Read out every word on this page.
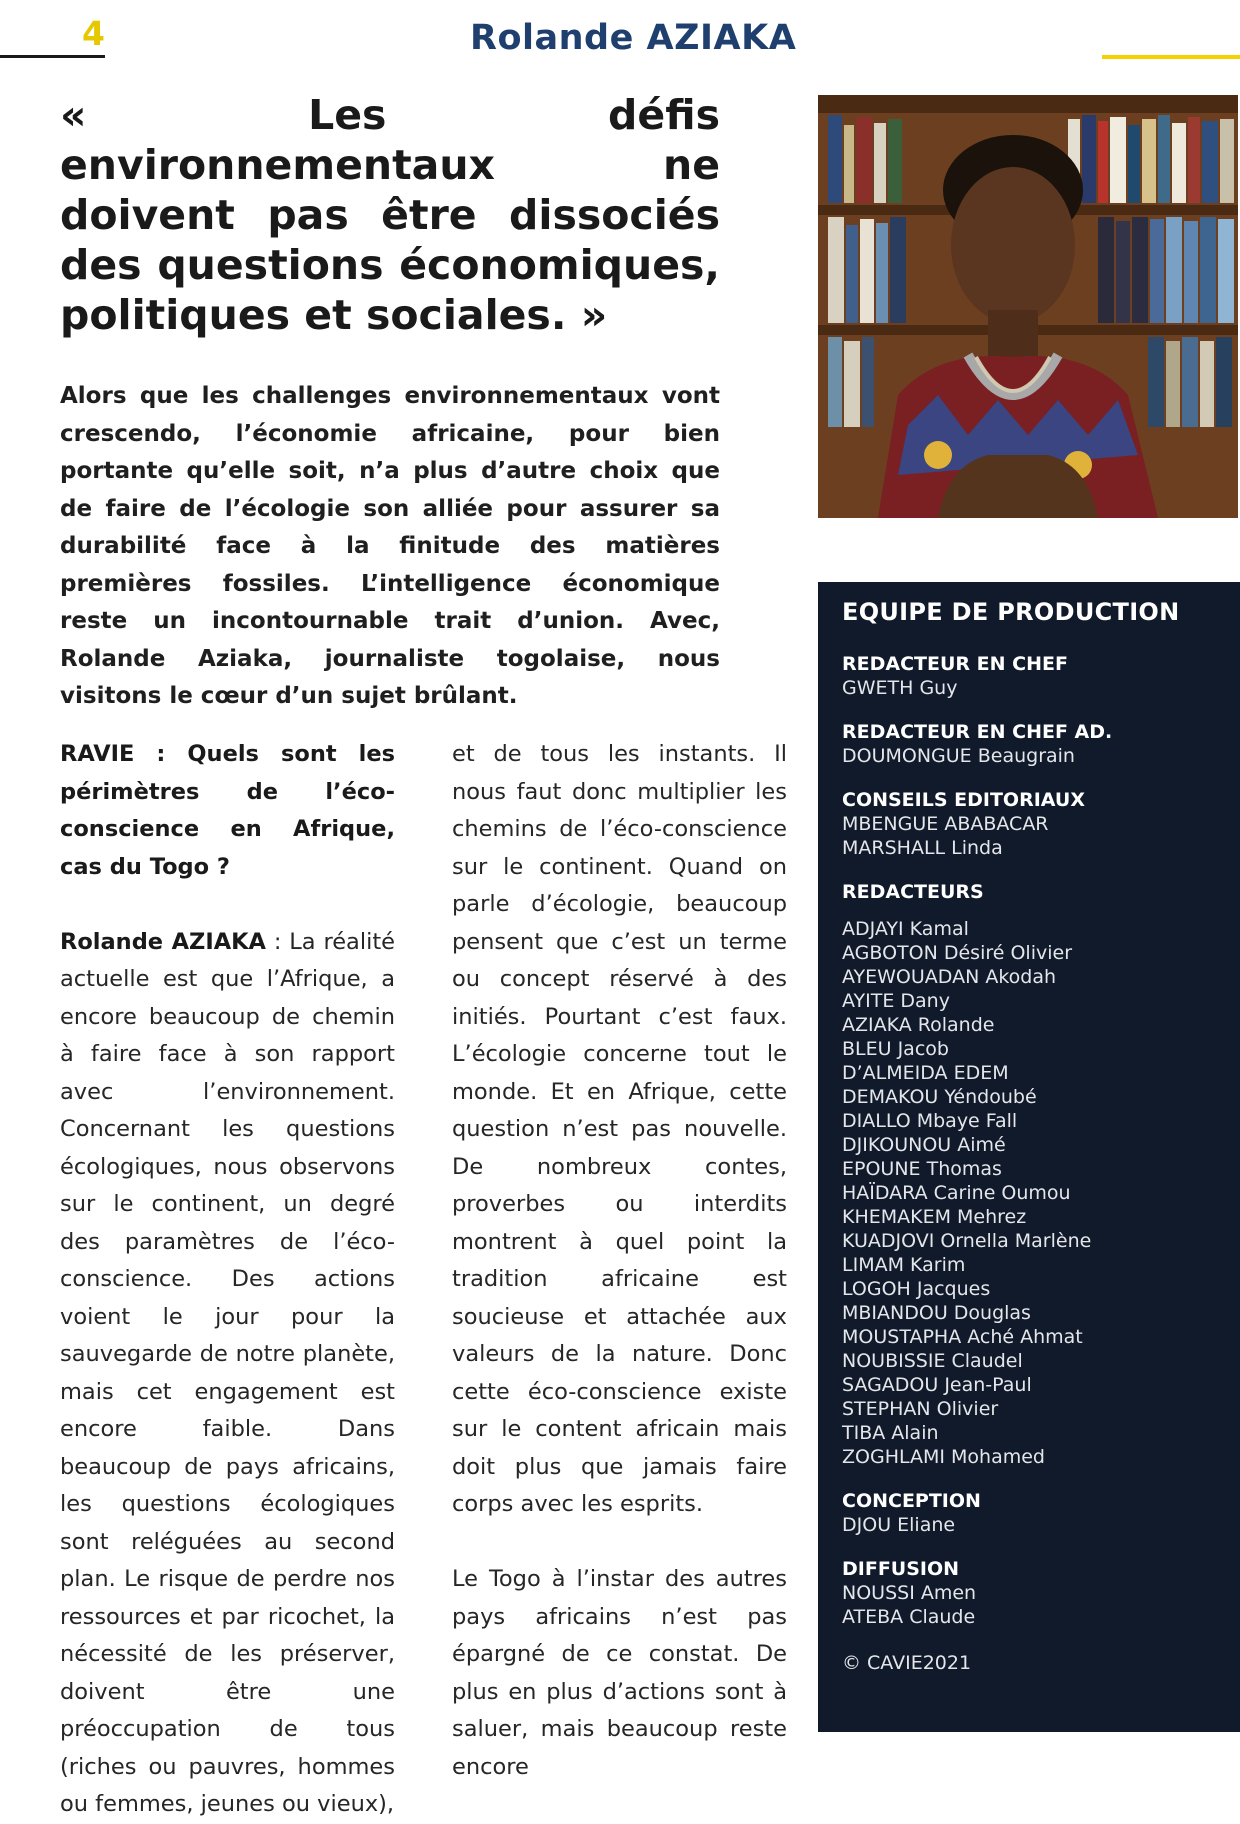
4	Rolande AZIAKA
« Les défis environnementaux ne doivent pas être dissociés des questions économiques, politiques et sociales. »
Alors que les challenges environnementaux vont crescendo, l’économie africaine, pour bien portante qu’elle soit, n’a plus d’autre choix que de faire de l’écologie son alliée pour assurer sa durabilité face à la finitude des matières premières fossiles. L’intelligence économique reste un incontournable trait d’union. Avec, Rolande Aziaka, journaliste togolaise, nous visitons le cœur d’un sujet brûlant.

RAVIE : Quels sont les périmètres de l’éco-conscience en Afrique, cas du Togo ?

Rolande AZIAKA : La réalité actuelle est que l’Afrique, a encore beaucoup de chemin à faire face à son rapport avec l’environnement. Concernant les questions écologiques, nous observons sur le continent, un degré des paramètres de l’éco-conscience. Des actions voient le jour pour la sauvegarde de notre planète, mais cet engagement est encore faible. Dans beaucoup de pays africains, les questions écologiques sont reléguées au second plan. Le risque de perdre nos ressources et par ricochet, la nécessité de les préserver, doivent être une préoccupation de tous (riches ou pauvres, hommes ou femmes, jeunes ou vieux),

et de tous les instants. Il nous faut donc multiplier les chemins de l’éco-conscience sur le continent. Quand on parle d’écologie, beaucoup pensent que c’est un terme ou concept réservé à des initiés. Pourtant c’est faux. L’écologie concerne tout le monde. Et en Afrique, cette question n’est pas nouvelle. De nombreux contes, proverbes ou interdits montrent à quel point la tradition africaine est soucieuse et attachée aux valeurs de la nature. Donc cette éco-conscience existe sur le content africain mais doit plus que jamais faire corps avec les esprits.

Le Togo à l’instar des autres pays africains n’est pas épargné de ce constat. De plus en plus d’actions sont à saluer, mais beaucoup reste encore

EQUIPE DE PRODUCTION
REDACTEUR EN CHEF
GWETH Guy
REDACTEUR EN CHEF AD.
DOUMONGUE Beaugrain
CONSEILS EDITORIAUX
MBENGUE ABABACAR
MARSHALL Linda
REDACTEURS
ADJAYI Kamal
AGBOTON Désiré Olivier
AYEWOUADAN Akodah
AYITE Dany
AZIAKA Rolande
BLEU Jacob
D’ALMEIDA EDEM
DEMAKOU Yéndoubé
DIALLO Mbaye Fall
DJIKOUNOU Aimé
EPOUNE Thomas
HAÏDARA Carine Oumou
KHEMAKEM Mehrez
KUADJOVI Ornella Marlène
LIMAM Karim
LOGOH Jacques
MBIANDOU Douglas
MOUSTAPHA Aché Ahmat
NOUBISSIE Claudel
SAGADOU Jean-Paul
STEPHAN Olivier
TIBA Alain
ZOGHLAMI Mohamed
CONCEPTION
DJOU Eliane
DIFFUSION
NOUSSI Amen
ATEBA Claude
© CAVIE2021
